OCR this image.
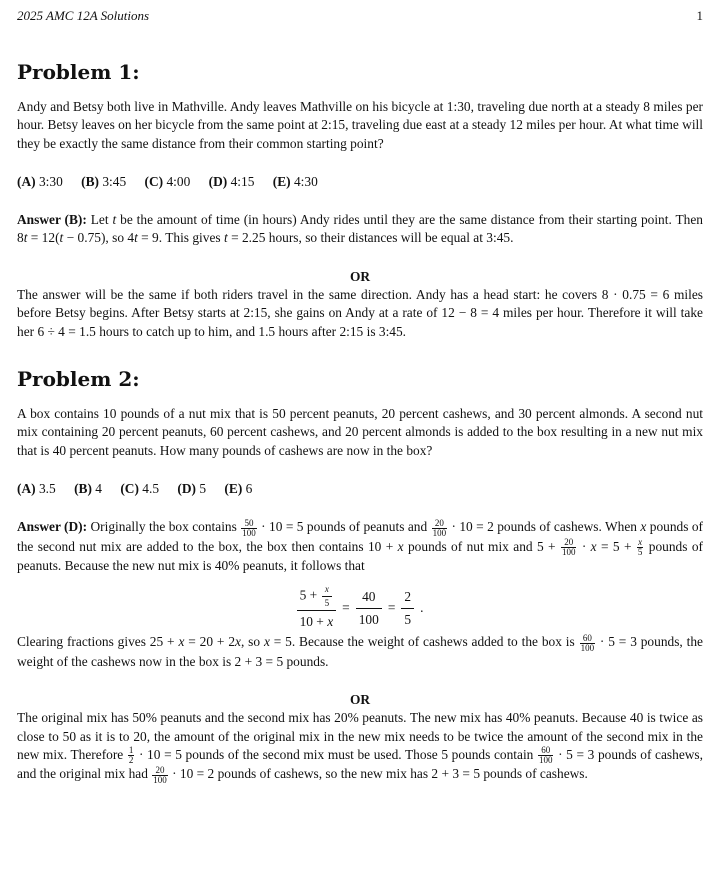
2025 AMC 12A Solutions	1
Problem 1:

Andy and Betsy both live in Mathville. Andy leaves Mathville on his bicycle at 1:30, traveling due north at a steady 8 miles per hour. Betsy leaves on her bicycle from the same point at 2:15, traveling due east at a steady 12 miles per hour. At what time will they be exactly the same distance from their common starting point?

(A) 3:30 (B) 3:45 (C) 4:00 (D) 4:15 (E) 4:30

Answer (B): Let t be the amount of time (in hours) Andy rides until they are the same distance from their starting point. Then 8t = 12(t − 0.75), so 4t = 9. This gives t = 2.25 hours, so their distances will be equal at 3:45.

OR

The answer will be the same if both riders travel in the same direction. Andy has a head start: he covers 8 · 0.75 = 6 miles before Betsy begins. After Betsy starts at 2:15, she gains on Andy at a rate of 12 − 8 = 4 miles per hour. Therefore it will take her 6 ÷ 4 = 1.5 hours to catch up to him, and 1.5 hours after 2:15 is 3:45.

Problem 2:

A box contains 10 pounds of a nut mix that is 50 percent peanuts, 20 percent cashews, and 30 percent almonds. A second nut mix containing 20 percent peanuts, 60 percent cashews, and 20 percent almonds is added to the box resulting in a new nut mix that is 40 percent peanuts. How many pounds of cashews are now in the box?

(A) 3.5 (B) 4 (C) 4.5 (D) 5 (E) 6

Answer (D): Originally the box contains $\frac{50}{100} \cdot 10 = 5$ pounds of peanuts and $\frac{20}{100} \cdot 10 = 2$ pounds of cashews. When x pounds of the second nut mix are added to the box, the box then contains 10 + x pounds of nut mix and $5 + \frac{20}{100} \cdot x = 5 + \frac{x}{5}$ pounds of peanuts. Because the new nut mix is 40% peanuts, it follows that

$\frac{5 + \frac{x}{5}}{10 + x} = \frac{40}{100} = \frac{2}{5}$ .

Clearing fractions gives 25 + x = 20 + 2x, so x = 5. Because the weight of cashews added to the box is $\frac{60}{100} \cdot 5 = 3$ pounds, the weight of the cashews now in the box is 2 + 3 = 5 pounds.

OR

The original mix has 50% peanuts and the second mix has 20% peanuts. The new mix has 40% peanuts. Because 40 is twice as close to 50 as it is to 20, the amount of the original mix in the new mix needs to be twice the amount of the second mix in the new mix. Therefore $\frac{1}{2} \cdot 10 = 5$ pounds of the second mix must be used. Those 5 pounds contain $\frac{60}{100} \cdot 5 = 3$ pounds of cashews, and the original mix had $\frac{20}{100} \cdot 10 = 2$ pounds of cashews, so the new mix has 2 + 3 = 5 pounds of cashews.
